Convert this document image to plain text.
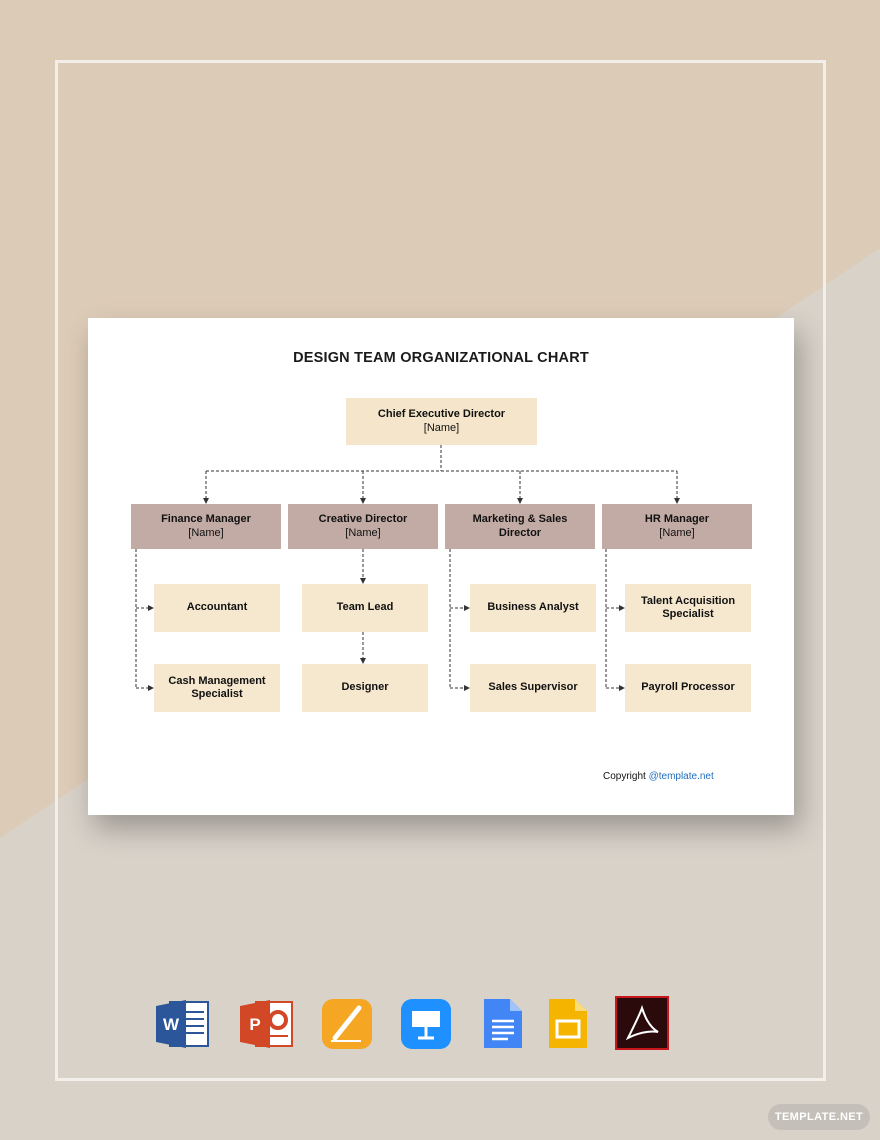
DESIGN TEAM ORGANIZATIONAL CHART
Chief Executive Director
[Name]
Finance Manager
[Name]
Creative Director
[Name]
Marketing & Sales Director
HR Manager
[Name]
Accountant
Cash Management Specialist
Team Lead
Designer
Business Analyst
Sales Supervisor
Talent Acquisition Specialist
Payroll Processor
Copyright @template.net
W	P
TEMPLATE.NET
